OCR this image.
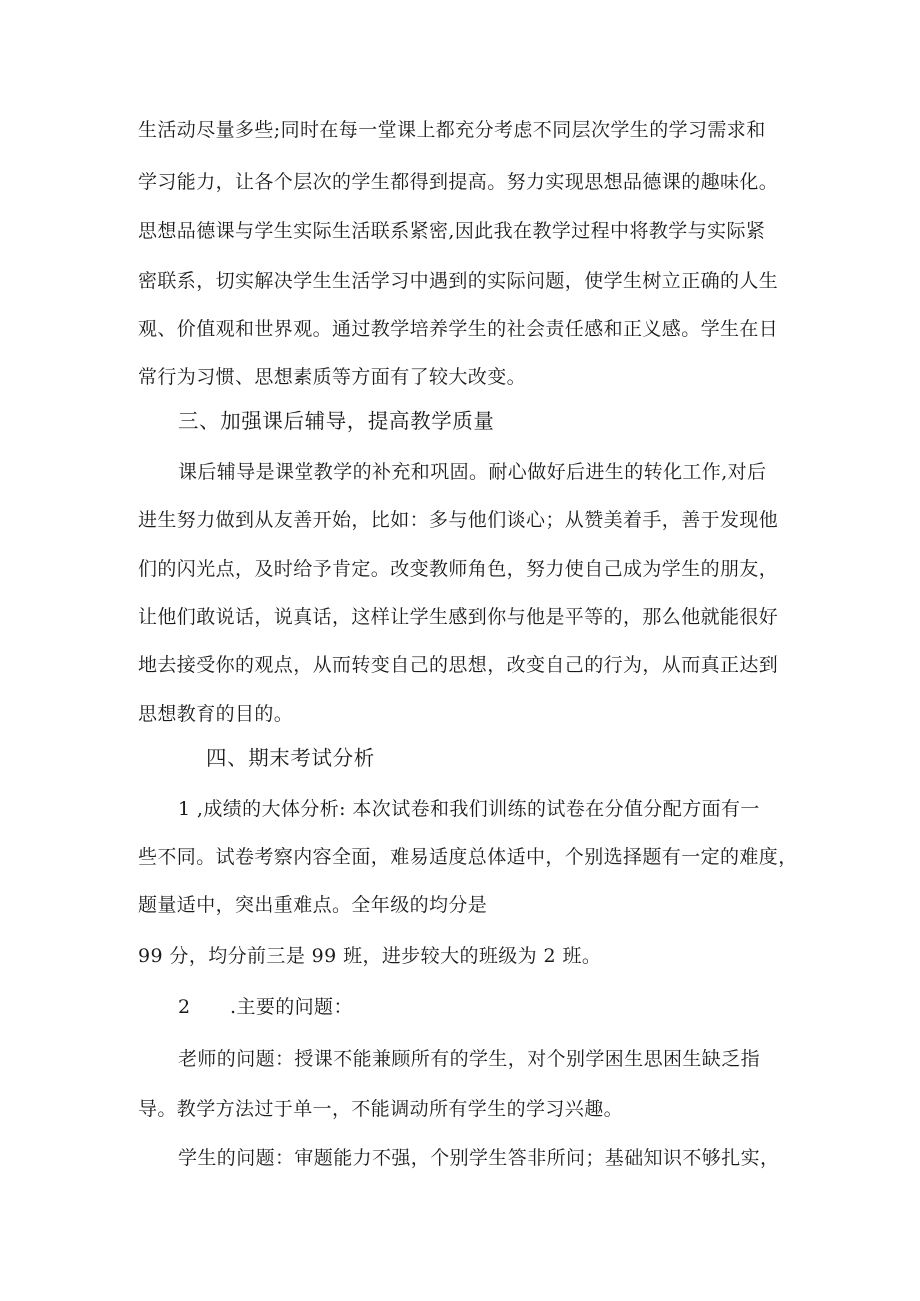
生活动尽量多些;同时在每一堂课上都充分考虑不同层次学生的学习需求和
学习能力，让各个层次的学生都得到提高。努力实现思想品德课的趣味化。
思想品德课与学生实际生活联系紧密,因此我在教学过程中将教学与实际紧
密联系，切实解决学生生活学习中遇到的实际问题，使学生树立正确的人生
观、价值观和世界观。通过教学培养学生的社会责任感和正义感。学生在日
常行为习惯、思想素质等方面有了较大改变。
三、加强课后辅导，提高教学质量
课后辅导是课堂教学的补充和巩固。耐心做好后进生的转化工作,对后
进生努力做到从友善开始，比如：多与他们谈心；从赞美着手，善于发现他
们的闪光点，及时给予肯定。改变教师角色，努力使自己成为学生的朋友，
让他们敢说话，说真话，这样让学生感到你与他是平等的，那么他就能很好
地去接受你的观点，从而转变自己的思想，改变自己的行为，从而真正达到
思想教育的目的。
四、期末考试分析
1 ,成绩的大体分析: 本次试卷和我们训练的试卷在分值分配方面有一
些不同。试卷考察内容全面，难易适度总体适中，个别选择题有一定的难度，
题量适中，突出重难点。全年级的均分是
99 分，均分前三是 99 班，进步较大的班级为 2 班。
2 .主要的问题：
老师的问题：授课不能兼顾所有的学生，对个别学困生思困生缺乏指
导。教学方法过于单一，不能调动所有学生的学习兴趣。
学生的问题：审题能力不强，个别学生答非所问；基础知识不够扎实，
